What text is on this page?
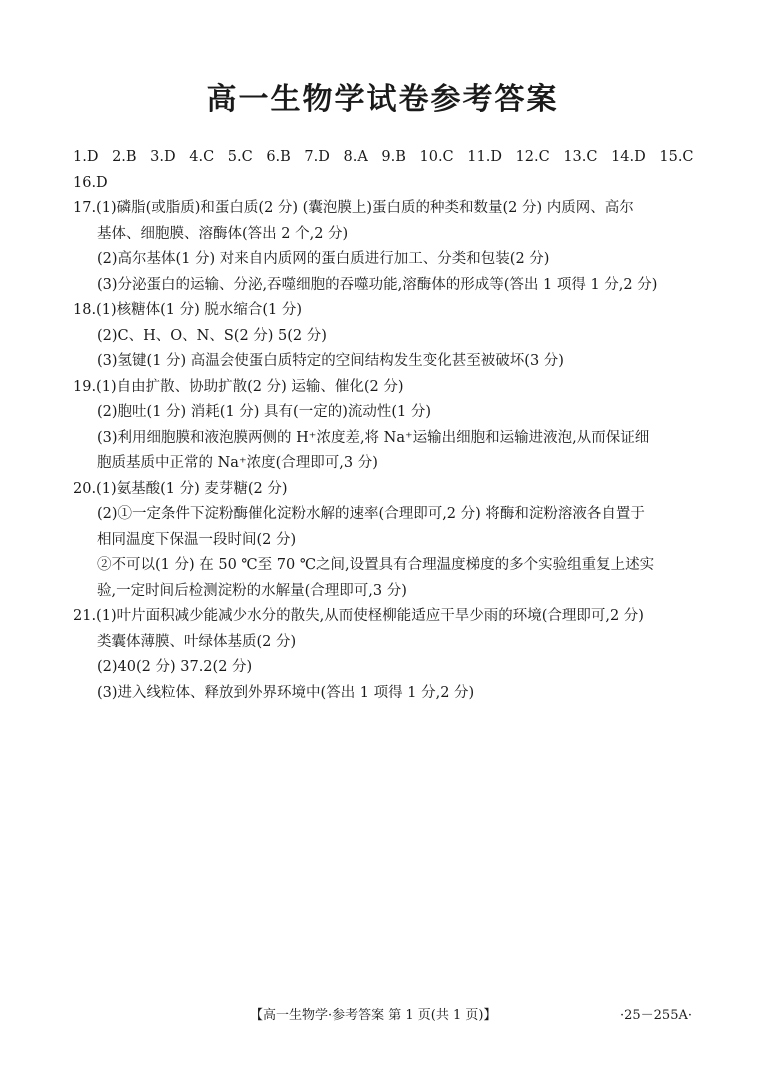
高一生物学试卷参考答案
1.D 2.B 3.D 4.C 5.C 6.B 7.D 8.A 9.B 10.C 11.D 12.C 13.C 14.D 15.C 16.D
17.(1)磷脂(或脂质)和蛋白质(2 分) (囊泡膜上)蛋白质的种类和数量(2 分) 内质网、高尔
基体、细胞膜、溶酶体(答出 2 个,2 分)
(2)高尔基体(1 分) 对来自内质网的蛋白质进行加工、分类和包装(2 分)
(3)分泌蛋白的运输、分泌,吞噬细胞的吞噬功能,溶酶体的形成等(答出 1 项得 1 分,2 分)
18.(1)核糖体(1 分) 脱水缩合(1 分)
(2)C、H、O、N、S(2 分) 5(2 分)
(3)氢键(1 分) 高温会使蛋白质特定的空间结构发生变化甚至被破坏(3 分)
19.(1)自由扩散、协助扩散(2 分) 运输、催化(2 分)
(2)胞吐(1 分) 消耗(1 分) 具有(一定的)流动性(1 分)
(3)利用细胞膜和液泡膜两侧的 H⁺浓度差,将 Na⁺运输出细胞和运输进液泡,从而保证细
胞质基质中正常的 Na⁺浓度(合理即可,3 分)
20.(1)氨基酸(1 分) 麦芽糖(2 分)
(2)①一定条件下淀粉酶催化淀粉水解的速率(合理即可,2 分) 将酶和淀粉溶液各自置于
相同温度下保温一段时间(2 分)
②不可以(1 分) 在 50 ℃至 70 ℃之间,设置具有合理温度梯度的多个实验组重复上述实
验,一定时间后检测淀粉的水解量(合理即可,3 分)
21.(1)叶片面积减少能减少水分的散失,从而使柽柳能适应干旱少雨的环境(合理即可,2 分)
类囊体薄膜、叶绿体基质(2 分)
(2)40(2 分) 37.2(2 分)
(3)进入线粒体、释放到外界环境中(答出 1 项得 1 分,2 分)
【高一生物学·参考答案 第 1 页(共 1 页)】	·25－255A·
